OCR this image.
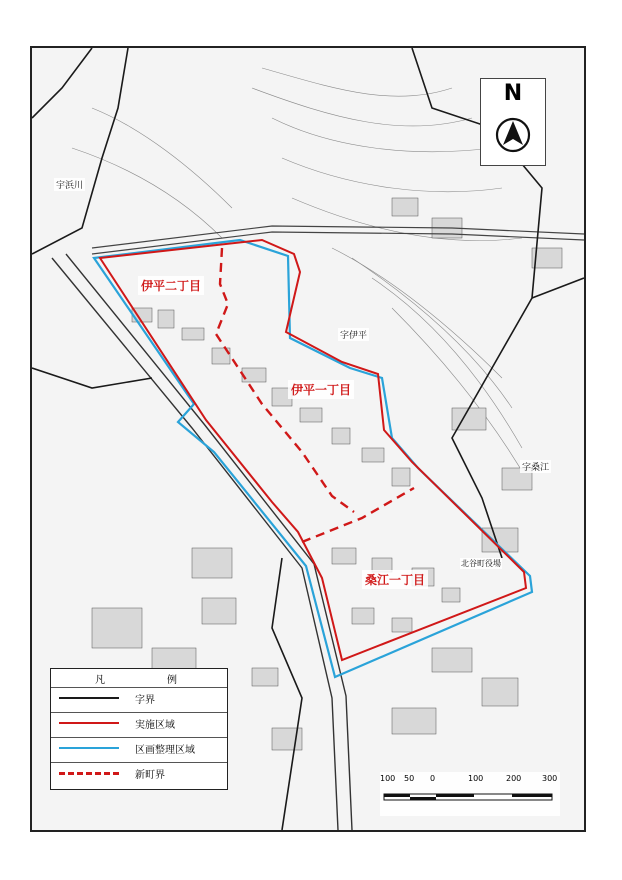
伊平二丁目
伊平一丁目
桑江一丁目
宇浜川
字伊平
字桑江
北谷町役場
N
凡	例
字界
実施区域
区画整理区域
新町界	100 50 0	100	200	300
